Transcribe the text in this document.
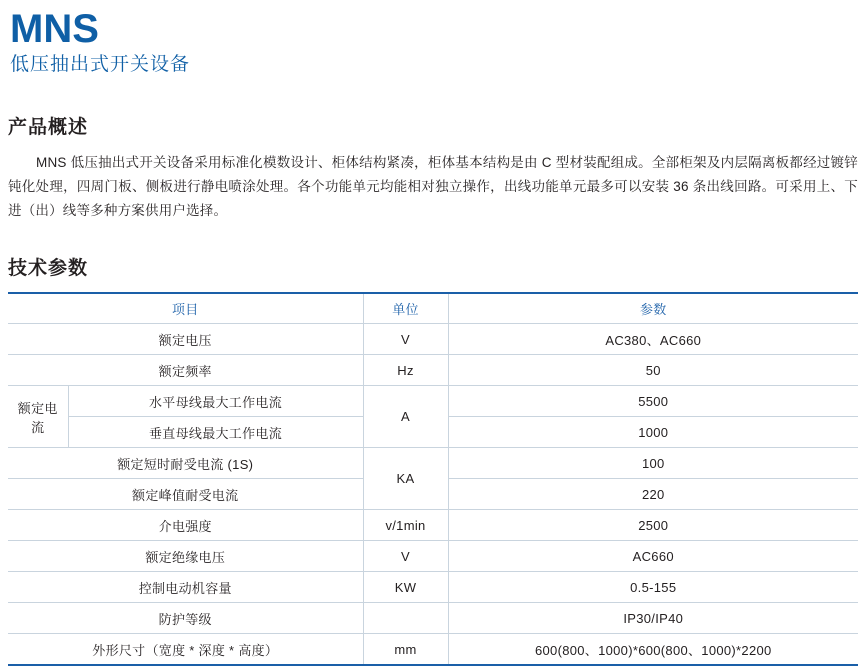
MNS
低压抽出式开关设备
产品概述

MNS 低压抽出式开关设备采用标准化模数设计、柜体结构紧凑，柜体基本结构是由 C 型材装配组成。全部柜架及内层隔离板都经过镀锌钝化处理，四周门板、侧板进行静电喷涂处理。各个功能单元均能相对独立操作，出线功能单元最多可以安装 36 条出线回路。可采用上、下进（出）线等多种方案供用户选择。

技术参数
项目		单位	参数
额定电压		V	AC380、AC660
额定频率		Hz	50
额定电流	水平母线最大工作电流	A	5500
	垂直母线最大工作电流		1000
额定短时耐受电流 (1S)		KA	100
额定峰值耐受电流			220
介电强度		v/1min	2500
额定绝缘电压		V	AC660
控制电动机容量		KW	0.5-155
防护等级			IP30/IP40
外形尺寸（宽度 * 深度 * 高度）		mm	600(800、1000)*600(800、1000)*2200
